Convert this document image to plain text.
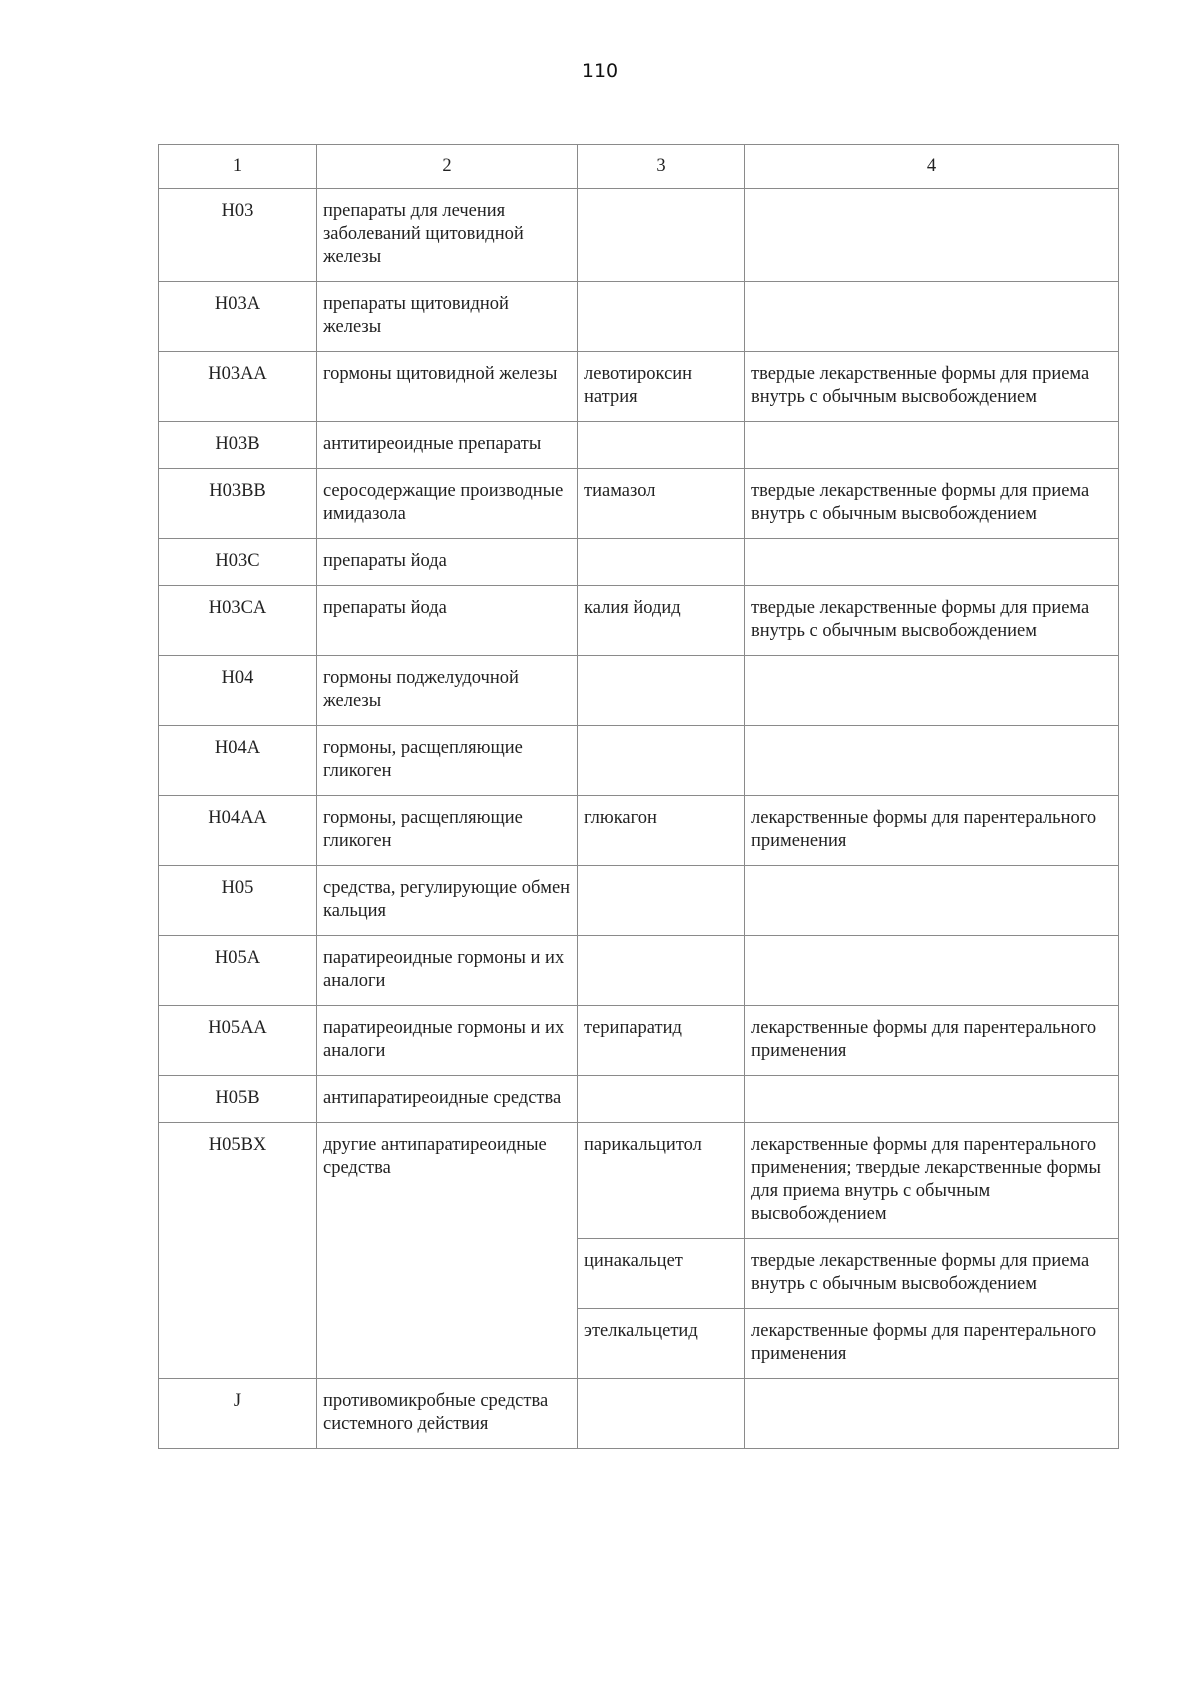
110
1	2	3	4
H03	препараты для лечения заболеваний щитовидной железы		
H03A	препараты щитовидной железы		
H03AA	гормоны щитовидной железы	левотироксин натрия	твердые лекарственные формы для приема внутрь с обычным высвобождением
H03B	антитиреоидные препараты		
H03BB	серосодержащие производные имидазола	тиамазол	твердые лекарственные формы для приема внутрь с обычным высвобождением
H03C	препараты йода		
H03CA	препараты йода	калия йодид	твердые лекарственные формы для приема внутрь с обычным высвобождением
H04	гормоны поджелудочной железы		
H04A	гормоны, расщепляющие гликоген		
H04AA	гормоны, расщепляющие гликоген	глюкагон	лекарственные формы для парентерального применения
H05	средства, регулирующие обмен кальция		
H05A	паратиреоидные гормоны и их аналоги		
H05AA	паратиреоидные гормоны и их аналоги	терипаратид	лекарственные формы для парентерального применения
H05B	антипаратиреоидные средства		
H05BX	другие антипаратиреоидные средства	парикальцитол	лекарственные формы для парентерального применения; твердые лекарственные формы для приема внутрь с обычным высвобождением
		цинакальцет	твердые лекарственные формы для приема внутрь с обычным высвобождением
		этелкальцетид	лекарственные формы для парентерального применения
J	противомикробные средства системного действия		
